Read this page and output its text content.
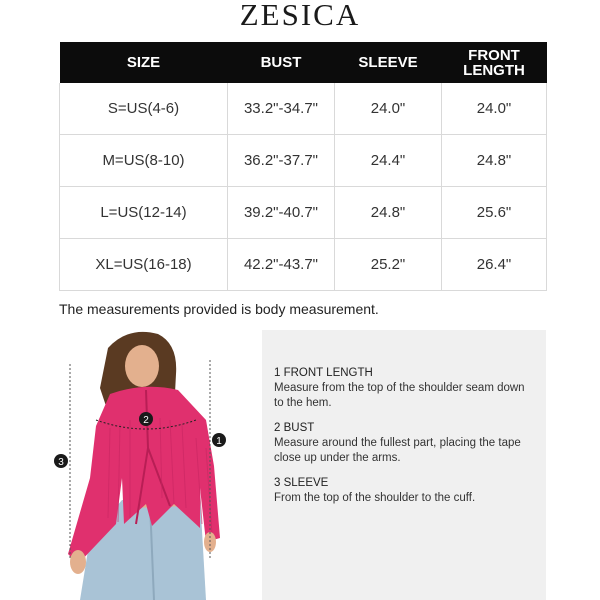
ZESICA
SIZE	BUST	SLEEVE	FRONT
LENGTH
S=US(4-6)	33.2"-34.7"	24.0"	24.0"
M=US(8-10)	36.2"-37.7"	24.4"	24.8"
L=US(12-14)	39.2"-40.7"	24.8"	25.6"
XL=US(16-18)	42.2"-43.7"	25.2"	26.4"
The measurements provided is body measurement.
1
2
3
1 FRONT LENGTH
Measure from the top of the shoulder seam down to the hem.
2 BUST
Measure around the fullest part, placing the tape close up under the arms.
3 SLEEVE
From the top of the shoulder to the cuff.
